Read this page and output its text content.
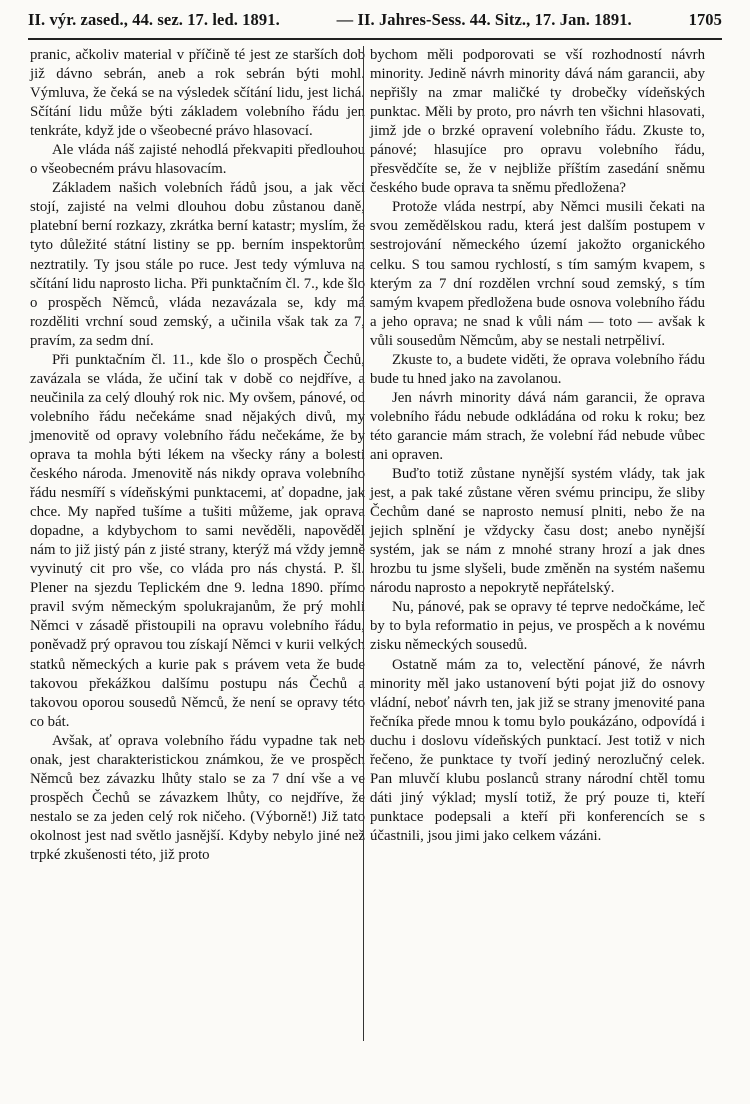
II. výr. zased., 44. sez. 17. led. 1891.	— II. Jahres-Sess. 44. Sitz., 17. Jan. 1891.	1705

pranic, ačkoliv material v příčině té jest ze starších dob již dávno sebrán, aneb a rok sebrán býti mohl. Výmluva, že čeká se na výsledek sčítání lidu, jest lichá. Sčítání lidu může býti základem volebního řádu jen tenkráte, když jde o všeobecné právo hlasovací.

Ale vláda náš zajisté nehodlá překvapiti předlouhou o všeobecném právu hlasovacím.

Základem našich volebních řádů jsou, a jak věci stojí, zajisté na velmi dlouhou dobu zůstanou daně, platební berní rozkazy, zkrátka berní katastr; myslím, že tyto důležité státní listiny se pp. berním inspektorům neztratily. Ty jsou stále po ruce. Jest tedy výmluva na sčítání lidu naprosto licha. Při punktačním čl. 7., kde šlo o prospěch Němců, vláda nezavázala se, kdy má rozděliti vrchní soud zemský, a učinila však tak za 7, pravím, za sedm dní.

Při punktačním čl. 11., kde šlo o prospěch Čechů, zavázala se vláda, že učiní tak v době co nejdříve, a neučinila za celý dlouhý rok nic. My ovšem, pánové, od volebního řádu nečekáme snad nějakých divů, my jmenovitě od opravy volebního řádu nečekáme, že by oprava ta mohla býti lékem na všecky rány a bolesti českého národa. Jmenovitě nás nikdy oprava volebního řádu nesmíří s vídeňskými punktacemi, ať dopadne, jak chce. My napřed tušíme a tušiti můžeme, jak oprava dopadne, a kdybychom to sami nevěděli, napověděl nám to již jistý pán z jisté strany, kterýž má vždy jemně vyvinutý cit pro vše, co vláda pro nás chystá. P. šl. Plener na sjezdu Teplickém dne 9. ledna 1890. přímo pravil svým německým spolukrajanům, že prý mohli Němci v zásadě přistoupili na opravu volebního řádu, poněvadž prý opravou tou získají Němci v kurii velkých statků německých a kurie pak s právem veta že bude takovou překážkou dalšímu postupu nás Čechů a takovou oporou sousedů Němců, že není se opravy této co bát.

Avšak, ať oprava volebního řádu vypadne tak neb onak, jest charakteristickou známkou, že ve prospěch Němců bez závazku lhůty stalo se za 7 dní vše a ve prospěch Čechů se závazkem lhůty, co nejdříve, že nestalo se za jeden celý rok ničeho. (Výborně!) Již tato okolnost jest nad světlo jasnější. Kdyby nebylo jiné než trpké zkušenosti této, již proto

bychom měli podporovati se vší rozhodností návrh minority. Jedině návrh minority dává nám garancii, aby nepřišly na zmar maličké ty drobečky vídeňských punktac. Měli by proto, pro návrh ten všichni hlasovati, jimž jde o brzké opravení volebního řádu. Zkuste to, pánové; hlasujíce pro opravu volebního řádu, přesvědčíte se, že v nejbliže příštím zasedání sněmu českého bude oprava ta sněmu předložena?

Protože vláda nestrpí, aby Němci musili čekati na svou zemědělskou radu, která jest dalším postupem v sestrojování německého území jakožto organického celku. S tou samou rychlostí, s tím samým kvapem, s kterým za 7 dní rozdělen vrchní soud zemský, s tím samým kvapem předložena bude osnova volebního řádu a jeho oprava; ne snad k vůli nám — toto — avšak k vůli sousedům Němcům, aby se nestali netrpěliví.

Zkuste to, a budete viděti, že oprava volebního řádu bude tu hned jako na zavolanou.

Jen návrh minority dává nám garancii, že oprava volebního řádu nebude odkládána od roku k roku; bez této garancie mám strach, že volební řád nebude vůbec ani opraven.

Buďto totiž zůstane nynější systém vlády, tak jak jest, a pak také zůstane věren svému principu, že sliby Čechům dané se naprosto nemusí plniti, nebo že na jejich splnění je vždycky času dost; anebo nynější systém, jak se nám z mnohé strany hrozí a jak dnes hrozbu tu jsme slyšeli, bude změněn na systém našemu národu naprosto a nepokrytě nepřátelský.

Nu, pánové, pak se opravy té teprve nedočkáme, leč by to byla reformatio in pejus, ve prospěch a k novému zisku německých sousedů.

Ostatně mám za to, velectění pánové, že návrh minority měl jako ustanovení býti pojat již do osnovy vládní, neboť návrh ten, jak již se strany jmenovité pana řečníka přede mnou k tomu bylo poukázáno, odpovídá i duchu i doslovu vídeňských punktací. Jest totiž v nich řečeno, že punktace ty tvoří jediný nerozlučný celek. Pan mluvčí klubu poslanců strany národní chtěl tomu dáti jiný výklad; myslí totiž, že prý pouze ti, kteří punktace podepsali a kteří při konferencích se s účastnili, jsou jimi jako celkem vázáni.
